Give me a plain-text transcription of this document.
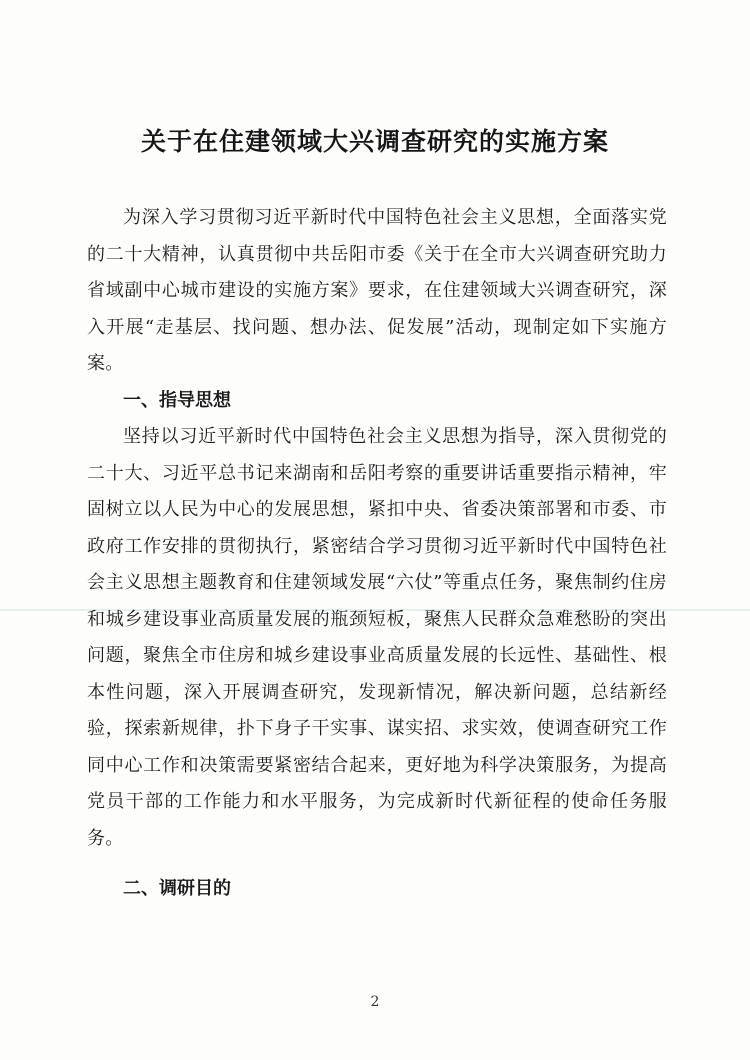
关于在住建领域大兴调查研究的实施方案

为深入学习贯彻习近平新时代中国特色社会主义思想，全面落实党的二十大精神，认真贯彻中共岳阳市委《关于在全市大兴调查研究助力省域副中心城市建设的实施方案》要求，在住建领域大兴调查研究，深入开展“走基层、找问题、想办法、促发展”活动，现制定如下实施方案。

一、指导思想

坚持以习近平新时代中国特色社会主义思想为指导，深入贯彻党的二十大、习近平总书记来湖南和岳阳考察的重要讲话重要指示精神，牢固树立以人民为中心的发展思想，紧扣中央、省委决策部署和市委、市政府工作安排的贯彻执行，紧密结合学习贯彻习近平新时代中国特色社会主义思想主题教育和住建领域发展“六仗”等重点任务，聚焦制约住房和城乡建设事业高质量发展的瓶颈短板，聚焦人民群众急难愁盼的突出问题，聚焦全市住房和城乡建设事业高质量发展的长远性、基础性、根本性问题，深入开展调查研究，发现新情况，解决新问题，总结新经验，探索新规律，扑下身子干实事、谋实招、求实效，使调查研究工作同中心工作和决策需要紧密结合起来，更好地为科学决策服务，为提高党员干部的工作能力和水平服务，为完成新时代新征程的使命任务服务。

二、调研目的

2
